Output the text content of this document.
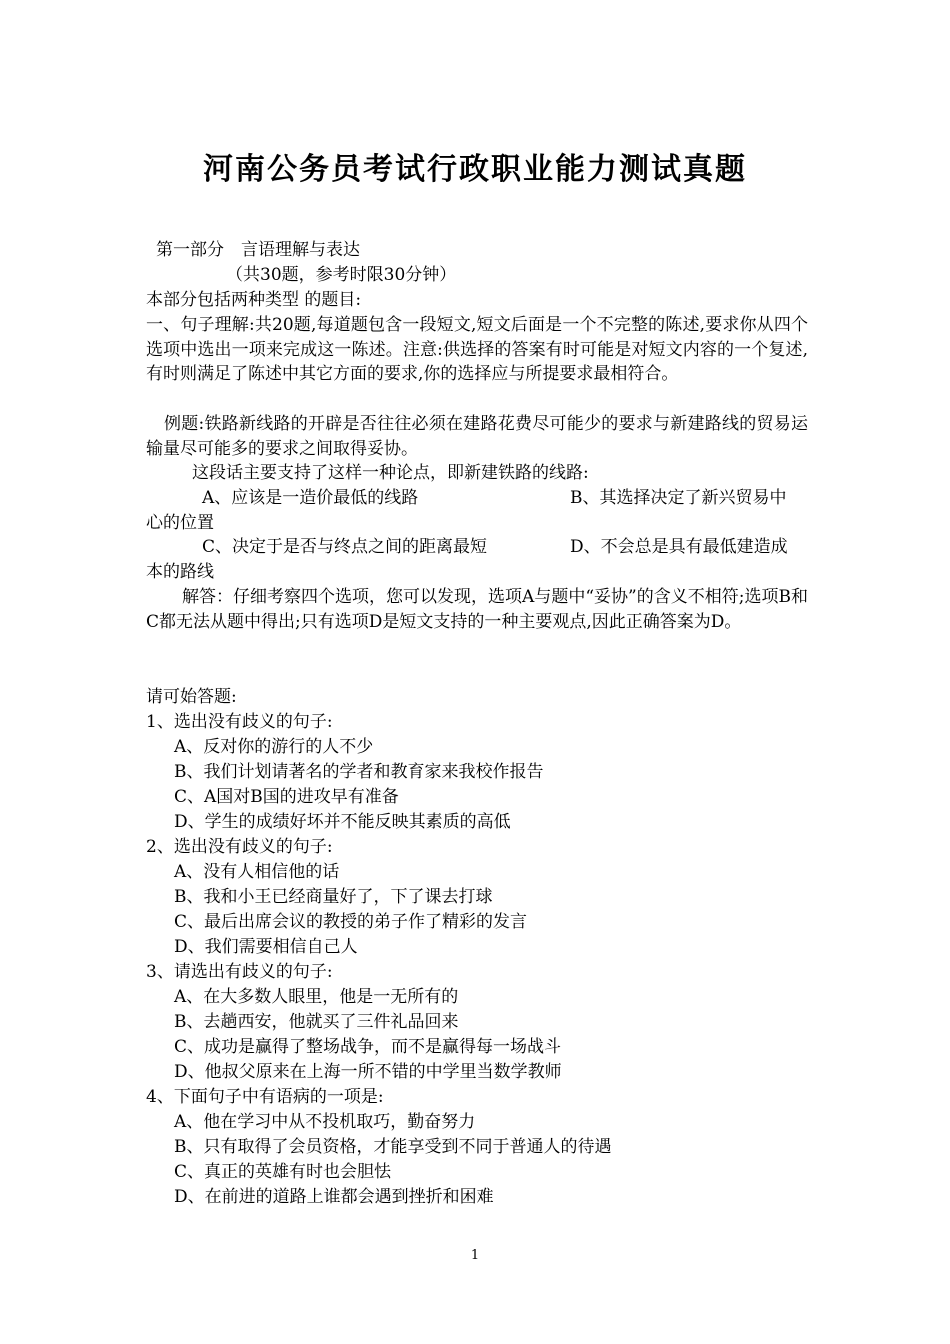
河南公务员考试行政职业能力测试真题
第一部分　言语理解与表达
（共30题，参考时限30分钟）
本部分包括两种类型 的题目:
一、句子理解:共20题,每道题包含一段短文,短文后面是一个不完整的陈述,要求你从四个选项中选出一项来完成这一陈述。注意:供选择的答案有时可能是对短文内容的一个复述,有时则满足了陈述中其它方面的要求,你的选择应与所提要求最相符合。
例题:铁路新线路的开辟是否往往必须在建路花费尽可能少的要求与新建路线的贸易运输量尽可能多的要求之间取得妥协。
这段话主要支持了这样一种论点，即新建铁路的线路:
A、应该是一造价最低的线路	B、其选择决定了新兴贸易中
心的位置
C、决定于是否与终点之间的距离最短	D、不会总是具有最低建造成
本的路线
解答：仔细考察四个选项，您可以发现，选项A与题中“妥协”的含义不相符;选项B和C都无法从题中得出;只有选项D是短文支持的一种主要观点,因此正确答案为D。
请可始答题:
1、选出没有歧义的句子:
A、反对你的游行的人不少
B、我们计划请著名的学者和教育家来我校作报告
C、A国对B国的进攻早有准备
D、学生的成绩好坏并不能反映其素质的高低
2、选出没有歧义的句子:
A、没有人相信他的话
B、我和小王已经商量好了，下了课去打球
C、最后出席会议的教授的弟子作了精彩的发言
D、我们需要相信自己人
3、请选出有歧义的句子:
A、在大多数人眼里，他是一无所有的
B、去趟西安，他就买了三件礼品回来
C、成功是赢得了整场战争，而不是赢得每一场战斗
D、他叔父原来在上海一所不错的中学里当数学教师
4、下面句子中有语病的一项是:
A、他在学习中从不投机取巧，勤奋努力
B、只有取得了会员资格，才能享受到不同于普通人的待遇
C、真正的英雄有时也会胆怯
D、在前进的道路上谁都会遇到挫折和困难
1
